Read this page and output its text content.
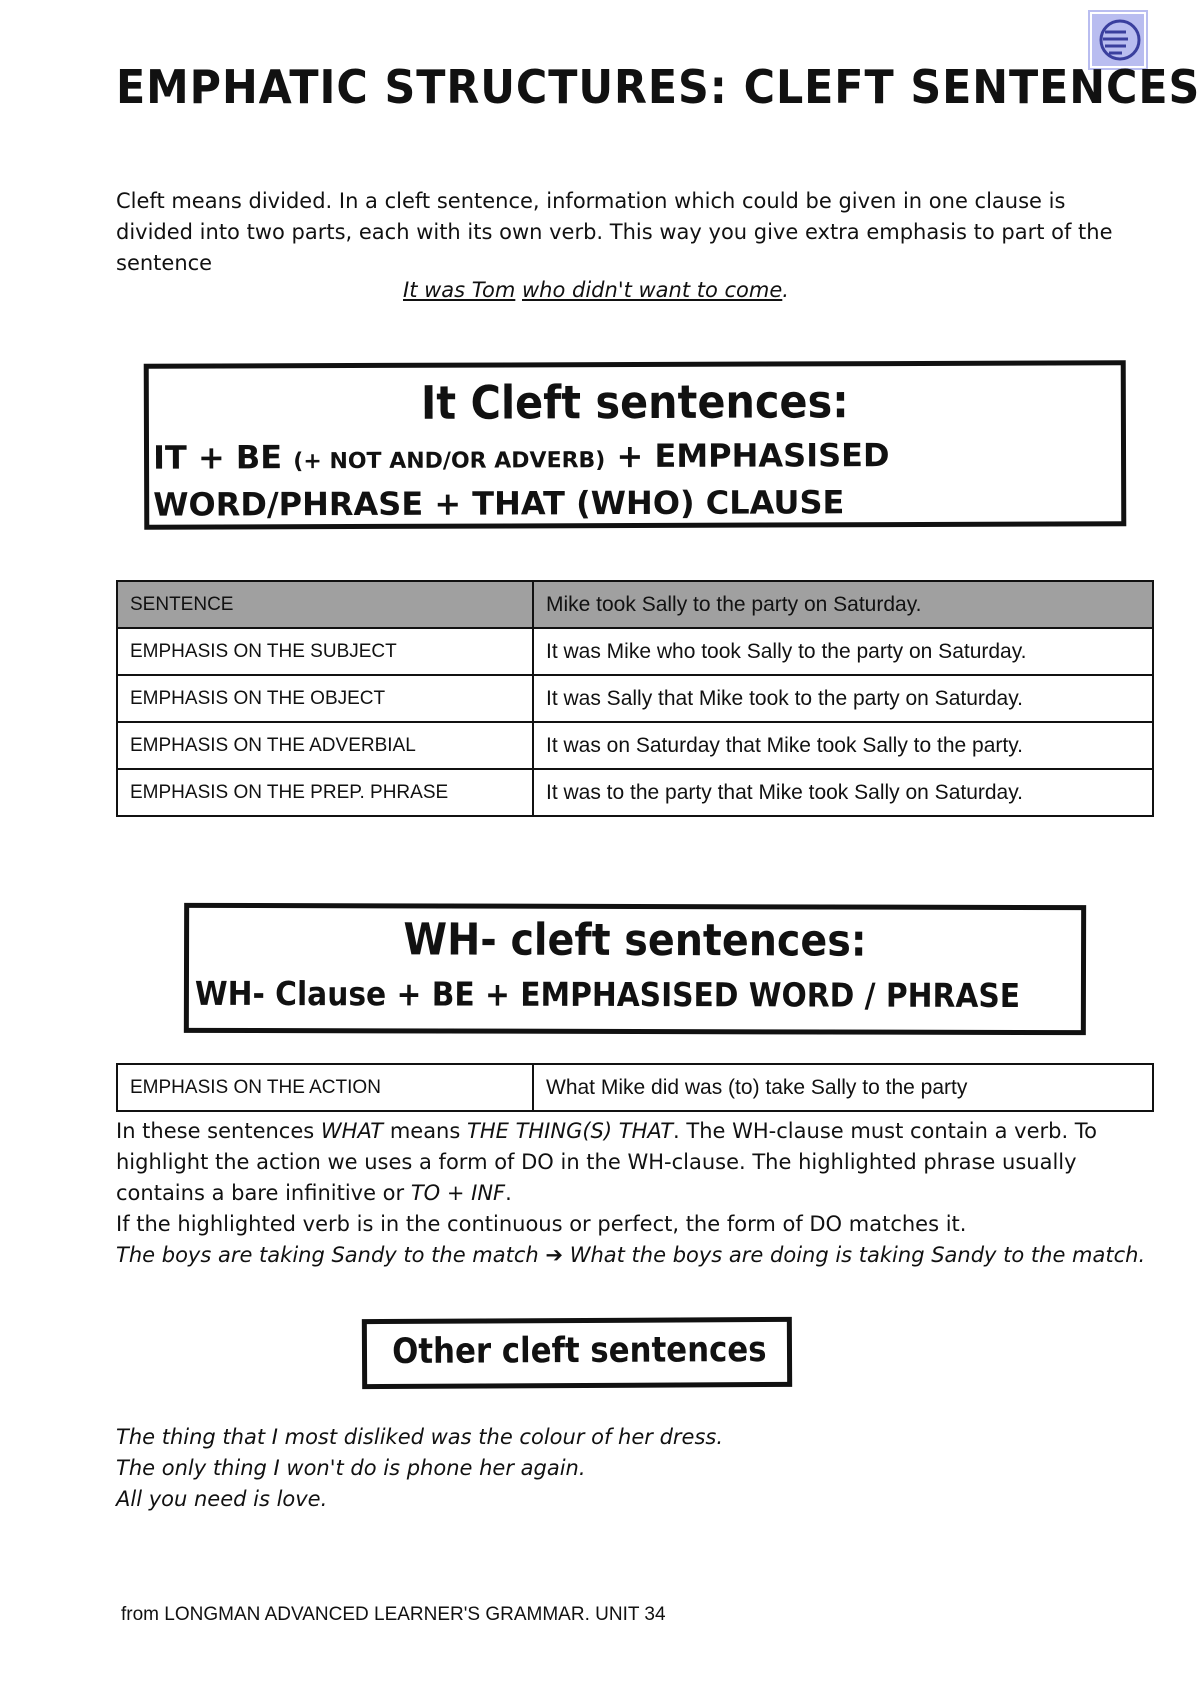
EMPHATIC STRUCTURES: CLEFT SENTENCES

Cleft means divided. In a cleft sentence, information which could be given in one clause is divided into two parts, each with its own verb. This way you give extra emphasis to part of the sentence

It was Tom who didn't want to come.

It Cleft sentences:
IT + BE (+ NOT AND/OR ADVERB) + EMPHASISED WORD/PHRASE + THAT (WHO) CLAUSE
SENTENCE	Mike took Sally to the party on Saturday.
EMPHASIS ON THE SUBJECT	It was Mike who took Sally to the party on Saturday.
EMPHASIS ON THE OBJECT	It was Sally that Mike took to the party on Saturday.
EMPHASIS ON THE ADVERBIAL	It was on Saturday that Mike took Sally to the party.
EMPHASIS ON THE PREP. PHRASE	It was to the party that Mike took Sally on Saturday.
WH- cleft sentences:
WH- Clause + BE + EMPHASISED WORD / PHRASE
EMPHASIS ON THE ACTION	What Mike did was (to) take Sally to the party

In these sentences WHAT means THE THING(S) THAT. The WH-clause must contain a verb. To highlight the action we uses a form of DO in the WH-clause. The highlighted phrase usually contains a bare infinitive or TO + INF.
If the highlighted verb is in the continuous or perfect, the form of DO matches it.
The boys are taking Sandy to the match ➔ What the boys are doing is taking Sandy to the match.

Other cleft sentences

The thing that I most disliked was the colour of her dress.
The only thing I won't do is phone her again.
All you need is love.

from LONGMAN ADVANCED LEARNER'S GRAMMAR. UNIT 34
